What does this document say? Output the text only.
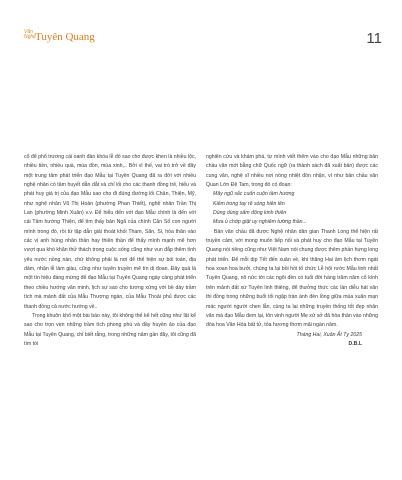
Văn
Nghệ Tuyên Quang	11

cổ để phổ trương cái oanh đàn khóa lễ đó sao cho được khen là nhiều lộc, nhiều tiền, nhiều quà, mùa đồn, mùa xinh,.. Bởi vì thế, vai trò trở về đây một trung tâm phát triển đạo Mẫu tại Tuyên Quang đã ra đời với nhiều nghệ nhân có tâm huyết dẫn dắt và chỉ lối cho các thanh đồng trẻ, hiểu và phát huy giá trị của đạo Mẫu sao cho đi đúng đường lối Chân, Thiện, Mỹ, như nghệ nhân Vũ Thị Hoàn (phường Phan Thiết), nghệ nhân Trần Thị Lan (phường Minh Xuân) v.v. Để hiểu đến với đạo Mẫu chính là đến với cái Tâm hướng Thiện, để tìm thấy bản Ngã của chính Căn Số con người mình trong đó, rồi từ tập dẫn giải thoát khỏi Tham, Sân, Si, hòa thân vào các vị anh hùng nhân thần hay thiên thần để thấy mình mạnh mẽ hơn vượt qua khó khăn thử thách trong cuộc sống cũng như vun đắp thêm tình yêu nước nồng nàn, chứ không phải là nơi để thể hiện sự bói toán, địa dâm, nhận lễ làm giàu, cũng như tuyên truyền mê tín dị đoan. Đây quả là một tín hiệu đáng mừng để đạo Mẫu tại Tuyên Quang ngày càng phát triển theo chiều hướng văn minh, lịch sự sao cho tương xứng với bề dày trầm tích mà mảnh đất của Mẫu Thượng ngàn, của Mẫu Thoải phủ được các thanh đồng cả nước hướng về..

Trong khuôn khổ một bài báo này, tôi không thể kể hết cũng như lật kể sao cho trọn vẹn những trầm tích phong phú và đầy huyền ảo của đạo Mẫu tại Tuyên Quang, chỉ biết rằng, trong những năm gần đây, tôi cũng đã tìm tòi

nghiên cứu và khám phá, tự mình viết thêm vào cho đạo Mẫu những bản chầu văn mới bằng chữ Quốc ngữ (ra thành sách đã xuất bản) được các cung văn, nghệ sĩ nhiều nơi nồng nhiệt đón nhận, ví như bản chầu văn Quan Lớn Đệ Tam, trong đó có đoạn:

Mây ngũ sắc cuốn cuộn tầm hương

Kiếm trong tay rẽ sóng hiên lên

Dùng dùng sấm động kinh thiên

Mưa ủ chớp giật uy nghiêm tường thần...

Bản văn chầu đã được Nghệ nhân dân gian Thanh Long thể hiện rất truyền cảm, với mong muốn tiếp nối và phát huy cho đạo Mẫu tại Tuyên Quang nói riêng cũng như Việt Nam nói chung được thêm phần hưng long phát triển. Để mỗi dịp Tết đến xuân về, khi thăng Hai âm lịch thơm ngát hoa xoan hoa bưởi, chúng ta lại bồi hồi tổ chức Lễ hội rước Mẫu linh nhất Tuyên Quang, nô nức tới các ngôi đền có tuổi đời hàng trăm năm cổ kính trên mảnh đất xứ Tuyên linh thiêng, để thưởng thức các lần diễu hát văn thi đồng trong những buổi tối ngập tràn ánh đèn lồng giữa mùa xuân mạn mác người người chen lẫn, cùng ta lại những truyền thống tốt đẹp nhân văn mà đạo Mẫu đem lại, tôn vinh người Mẹ xứ sở đã hòa thân vào những đóa hoa Văn Hóa bất tử, tỏa hương thơm mãi ngàn năm.

Tháng Hai, Xuân Ất Tỵ 2025

D.B.L
